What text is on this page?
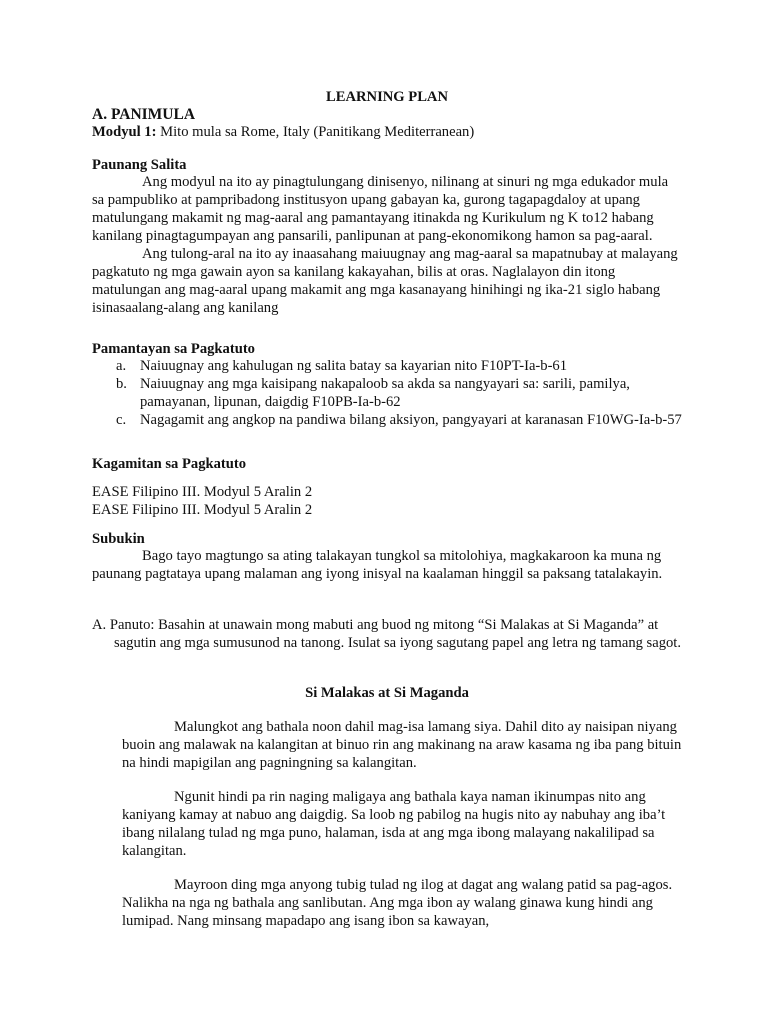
LEARNING PLAN
A. PANIMULA
Modyul 1: Mito mula sa Rome, Italy (Panitikang Mediterranean)
Paunang Salita

Ang modyul na ito ay pinagtulungang dinisenyo, nilinang at sinuri ng mga edukador mula sa pampubliko at pampribadong institusyon upang gabayan ka, gurong tagapagdaloy at upang matulungang makamit ng mag-aaral ang pamantayang itinakda ng Kurikulum ng K to12 habang kanilang pinagtagumpayan ang pansarili, panlipunan at pang-ekonomikong hamon sa pag-aaral.

Ang tulong-aral na ito ay inaasahang maiuugnay ang mag-aaral sa mapatnubay at malayang pagkatuto ng mga gawain ayon sa kanilang kakayahan, bilis at oras. Naglalayon din itong matulungan ang mag-aaral upang makamit ang mga kasanayang hinihingi ng ika-21 siglo habang isinasaalang-alang ang kanilang

Pamantayan sa Pagkatuto
a. Naiuugnay ang kahulugan ng salita batay sa kayarian nito F10PT-Ia-b-61
b. Naiuugnay ang mga kaisipang nakapaloob sa akda sa nangyayari sa: sarili, pamilya, pamayanan, lipunan, daigdig F10PB-Ia-b-62
c. Nagagamit ang angkop na pandiwa bilang aksiyon, pangyayari at karanasan F10WG-Ia-b-57
Kagamitan sa Pagkatuto

EASE Filipino III. Modyul 5 Aralin 2

EASE Filipino III. Modyul 5 Aralin 2

Subukin

Bago tayo magtungo sa ating talakayan tungkol sa mitolohiya, magkakaroon ka muna ng paunang pagtataya upang malaman ang iyong inisyal na kaalaman hinggil sa paksang tatalakayin.

A. Panuto: Basahin at unawain mong mabuti ang buod ng mitong “Si Malakas at Si Maganda” at sagutin ang mga sumusunod na tanong. Isulat sa iyong sagutang papel ang letra ng tamang sagot.

Si Malakas at Si Maganda

Malungkot ang bathala noon dahil mag-isa lamang siya. Dahil dito ay naisipan niyang buoin ang malawak na kalangitan at binuo rin ang makinang na araw kasama ng iba pang bituin na hindi mapigilan ang pagningning sa kalangitan.

Ngunit hindi pa rin naging maligaya ang bathala kaya naman ikinumpas nito ang kaniyang kamay at nabuo ang daigdig. Sa loob ng pabilog na hugis nito ay nabuhay ang iba’t ibang nilalang tulad ng mga puno, halaman, isda at ang mga ibong malayang nakalilipad sa kalangitan.

Mayroon ding mga anyong tubig tulad ng ilog at dagat ang walang patid sa pag-agos. Nalikha na nga ng bathala ang sanlibutan. Ang mga ibon ay walang ginawa kung hindi ang lumipad. Nang minsang mapadapo ang isang ibon sa kawayan,
